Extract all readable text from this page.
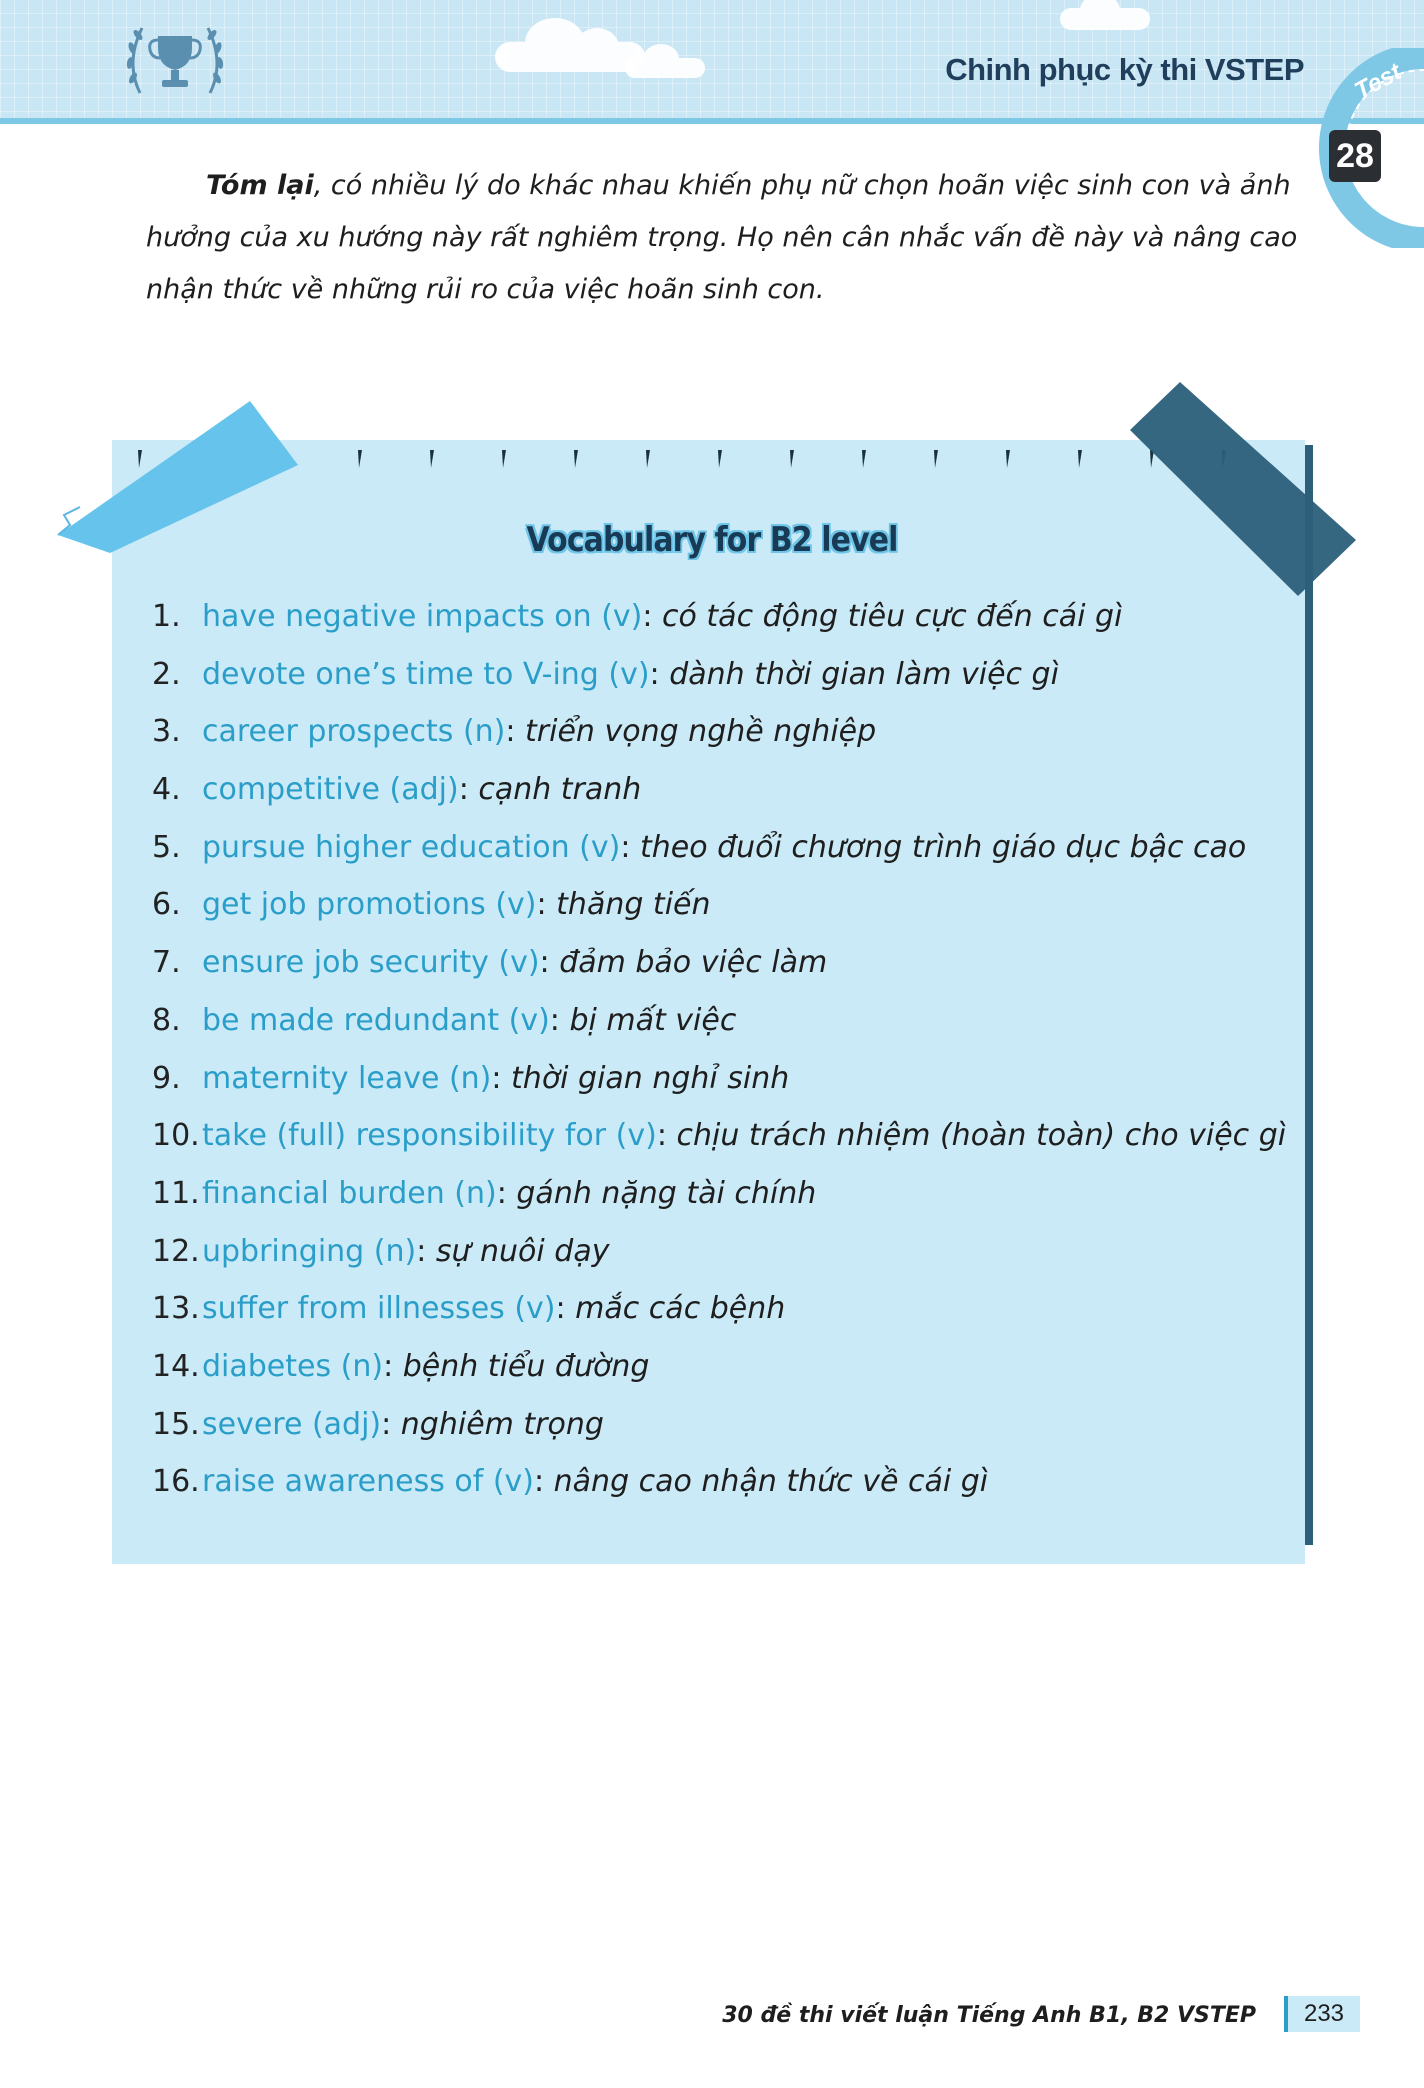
Chinh phục kỳ thi VSTEP Test
28

Tóm lại, có nhiều lý do khác nhau khiến phụ nữ chọn hoãn việc sinh con và ảnh hưởng của xu hướng này rất nghiêm trọng. Họ nên cân nhắc vấn đề này và nâng cao nhận thức về những rủi ro của việc hoãn sinh con.

Vocabulary for B2 level
1. have negative impacts on (v): có tác động tiêu cực đến cái gì
2. devote one’s time to V-ing (v): dành thời gian làm việc gì
3. career prospects (n): triển vọng nghề nghiệp
4. competitive (adj): cạnh tranh
5. pursue higher education (v): theo đuổi chương trình giáo dục bậc cao
6. get job promotions (v): thăng tiến
7. ensure job security (v): đảm bảo việc làm
8. be made redundant (v): bị mất việc
9. maternity leave (n): thời gian nghỉ sinh
10.take (full) responsibility for (v): chịu trách nhiệm (hoàn toàn) cho việc gì
11.financial burden (n): gánh nặng tài chính
12.upbringing (n): sự nuôi dạy
13.suffer from illnesses (v): mắc các bệnh
14.diabetes (n): bệnh tiểu đường
15.severe (adj): nghiêm trọng
16.raise awareness of (v): nâng cao nhận thức về cái gì
30 đề thi viết luận Tiếng Anh B1, B2 VSTEP	233
